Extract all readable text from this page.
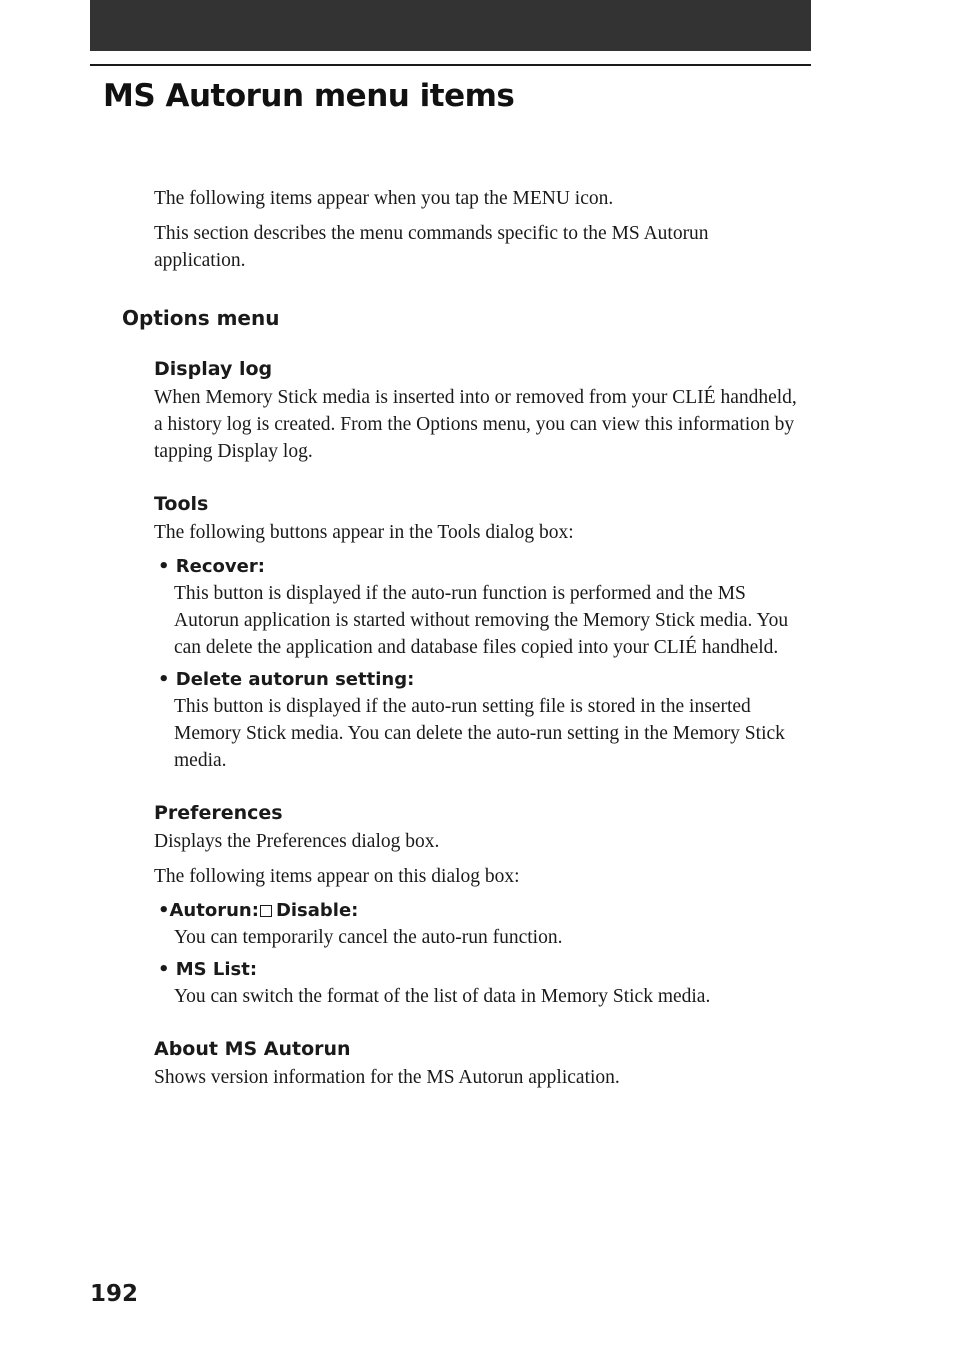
MS Autorun menu items

The following items appear when you tap the MENU icon.

This section describes the menu commands specific to the MS Autorun application.

Options menu
Display log

When Memory Stick media is inserted into or removed from your CLIÉ handheld, a history log is created. From the Options menu, you can view this information by tapping Display log.

Tools

The following buttons appear in the Tools dialog box:

• Recover:
This button is displayed if the auto-run function is performed and the MS Autorun application is started without removing the Memory Stick media. You can delete the application and database files copied into your CLIÉ handheld.
• Delete autorun setting:
This button is displayed if the auto-run setting file is stored in the inserted Memory Stick media. You can delete the auto-run setting in the Memory Stick media.
Preferences

Displays the Preferences dialog box.

The following items appear on this dialog box:

•Autorun: Disable:
You can temporarily cancel the auto-run function.
• MS List:
You can switch the format of the list of data in Memory Stick media.
About MS Autorun

Shows version information for the MS Autorun application.

192
